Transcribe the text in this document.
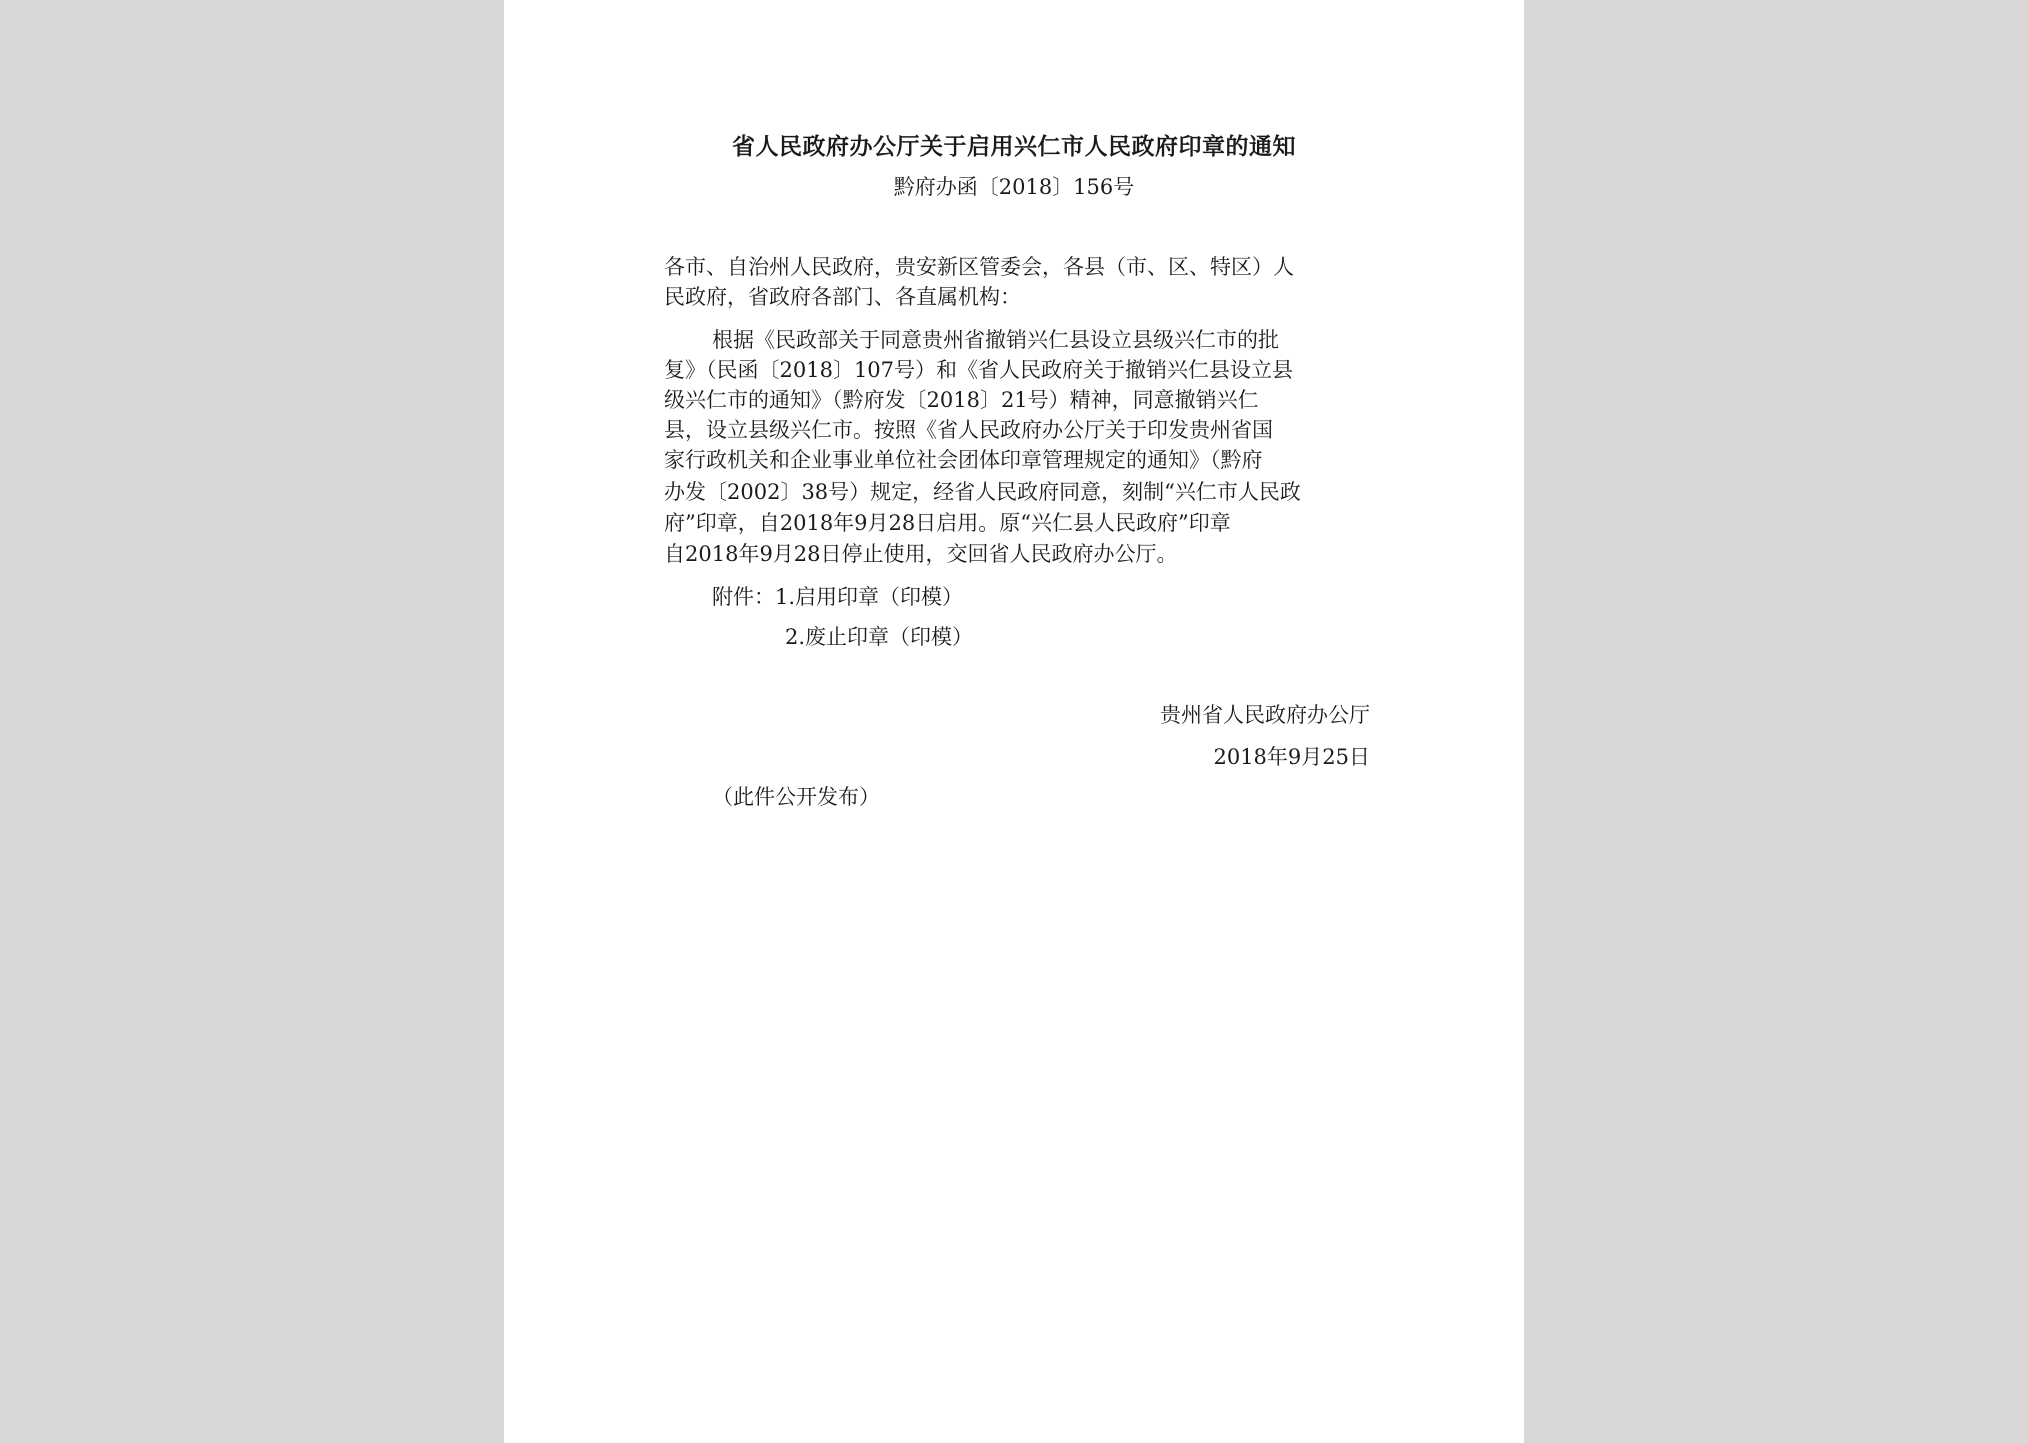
省人民政府办公厅关于启用兴仁市人民政府印章的通知
黔府办函〔2018〕156号
各市、自治州人民政府，贵安新区管委会，各县（市、区、特区）人
民政府，省政府各部门、各直属机构：
根据《民政部关于同意贵州省撤销兴仁县设立县级兴仁市的批
复》（民函〔2018〕107号）和《省人民政府关于撤销兴仁县设立县
级兴仁市的通知》（黔府发〔2018〕21号）精神，同意撤销兴仁
县，设立县级兴仁市。按照《省人民政府办公厅关于印发贵州省国
家行政机关和企业事业单位社会团体印章管理规定的通知》（黔府
办发〔2002〕38号）规定，经省人民政府同意，刻制“兴仁市人民政
府”印章，自2018年9月28日启用。原“兴仁县人民政府”印章
自2018年9月28日停止使用，交回省人民政府办公厅。
附件：1.启用印章（印模）
2.废止印章（印模）
贵州省人民政府办公厅
2018年9月25日
（此件公开发布）
